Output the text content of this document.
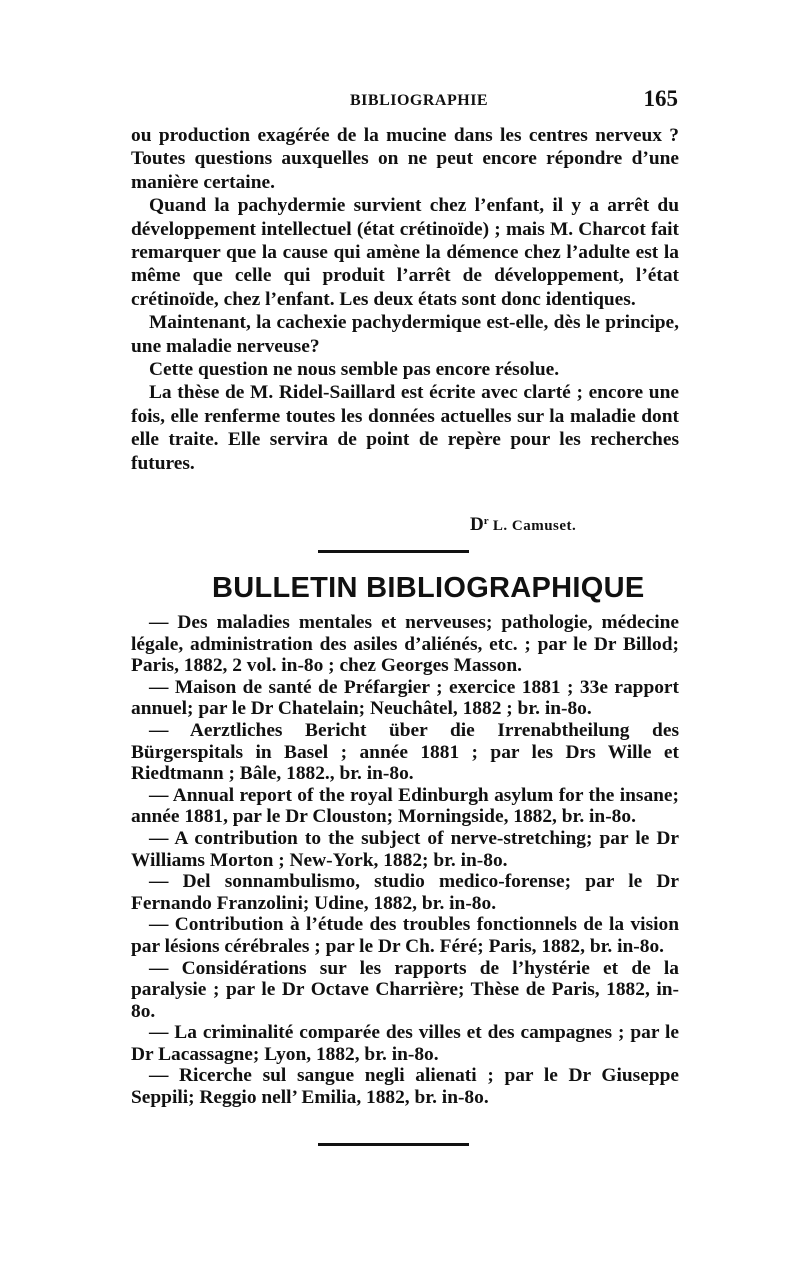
BIBLIOGRAPHIE	165

ou production exagérée de la mucine dans les centres nerveux ? Toutes questions auxquelles on ne peut encore répondre d’une manière certaine.

Quand la pachydermie survient chez l’enfant, il y a arrêt du développement intellectuel (état crétinoïde) ; mais M. Charcot fait remarquer que la cause qui amène la démence chez l’adulte est la même que celle qui produit l’arrêt de développement, l’état crétinoïde, chez l’enfant. Les deux états sont donc identiques.

Maintenant, la cachexie pachydermique est-elle, dès le principe, une maladie nerveuse?

Cette question ne nous semble pas encore résolue.

La thèse de M. Ridel-Saillard est écrite avec clarté ; encore une fois, elle renferme toutes les données actuelles sur la maladie dont elle traite. Elle servira de point de repère pour les recherches futures.

$D^r$ L. Camuset.
BULLETIN BIBLIOGRAPHIQUE

— Des maladies mentales et nerveuses; pathologie, médecine légale, administration des asiles d’aliénés, etc. ; par le Dr Billod; Paris, 1882, 2 vol. in-8o ; chez Georges Masson.

— Maison de santé de Préfargier ; exercice 1881 ; 33e rapport annuel; par le Dr Chatelain; Neuchâtel, 1882 ; br. in-8o.

— Aerztliches Bericht über die Irrenabtheilung des Bürgerspitals in Basel ; année 1881 ; par les Drs Wille et Riedtmann ; Bâle, 1882., br. in-8o.

— Annual report of the royal Edinburgh asylum for the insane; année 1881, par le Dr Clouston; Morningside, 1882, br. in-8o.

— A contribution to the subject of nerve-stretching; par le Dr Williams Morton ; New-York, 1882; br. in-8o.

— Del sonnambulismo, studio medico-forense; par le Dr Fernando Franzolini; Udine, 1882, br. in-8o.

— Contribution à l’étude des troubles fonctionnels de la vision par lésions cérébrales ; par le Dr Ch. Féré; Paris, 1882, br. in-8o.

— Considérations sur les rapports de l’hystérie et de la paralysie ; par le Dr Octave Charrière; Thèse de Paris, 1882, in-8o.

— La criminalité comparée des villes et des campagnes ; par le Dr Lacassagne; Lyon, 1882, br. in-8o.

— Ricerche sul sangue negli alienati ; par le Dr Giuseppe Seppili; Reggio nell’ Emilia, 1882, br. in-8o.
